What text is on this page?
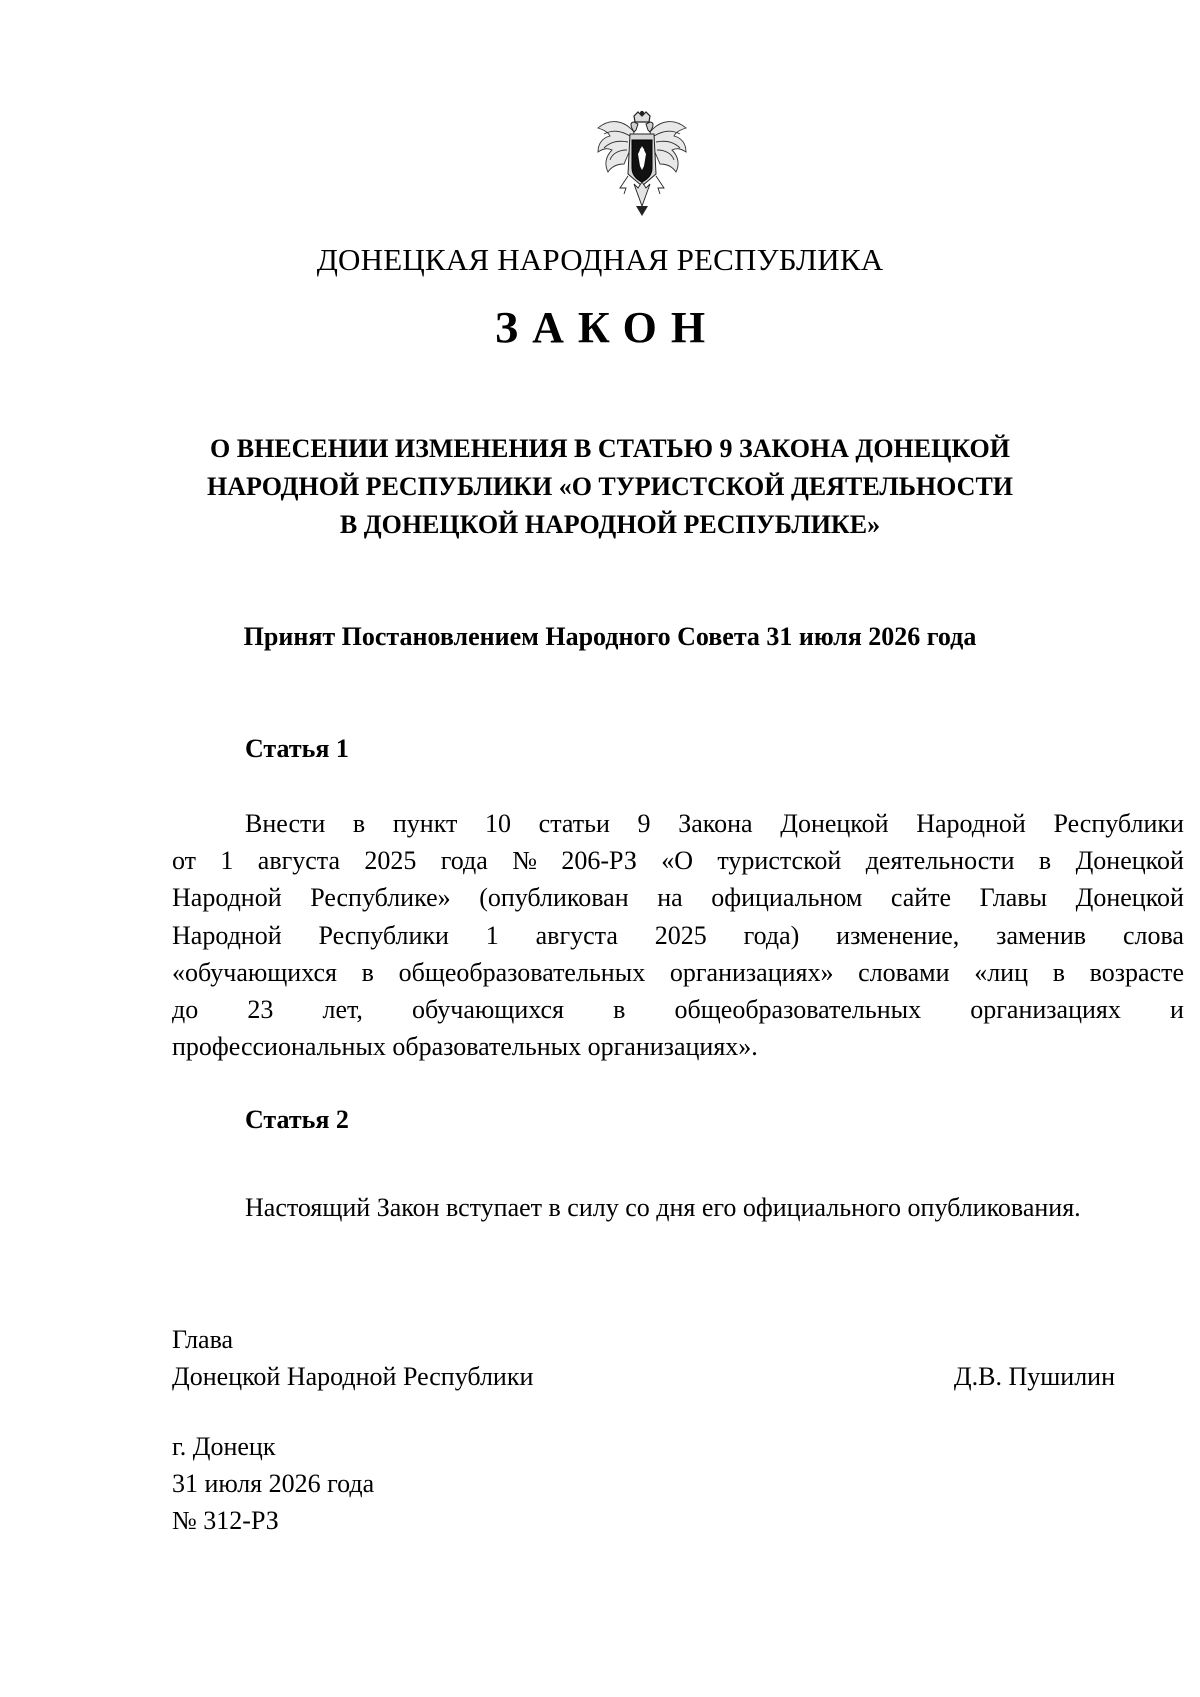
ДОНЕЦКАЯ НАРОДНАЯ РЕСПУБЛИКА
ЗАКОН
О ВНЕСЕНИИ ИЗМЕНЕНИЯ В СТАТЬЮ 9 ЗАКОНА ДОНЕЦКОЙ
НАРОДНОЙ РЕСПУБЛИКИ «О ТУРИСТСКОЙ ДЕЯТЕЛЬНОСТИ
В ДОНЕЦКОЙ НАРОДНОЙ РЕСПУБЛИКЕ»
Принят Постановлением Народного Совета 31 июля 2026 года
Статья 1
Внести в пункт 10 статьи 9 Закона Донецкой Народной Республики
от 1 августа 2025 года № 206-РЗ «О туристской деятельности в Донецкой
Народной Республике» (опубликован на официальном сайте Главы Донецкой
Народной Республики 1 августа 2025 года) изменение, заменив слова
«обучающихся в общеобразовательных организациях» словами «лиц в возрасте
до 23 лет, обучающихся в общеобразовательных организациях и
профессиональных образовательных организациях».
Статья 2
Настоящий Закон вступает в силу со дня его официального опубликования.
Глава
Донецкой Народной Республики	Д.В. Пушилин
г. Донецк
31 июля 2026 года
№ 312-РЗ
